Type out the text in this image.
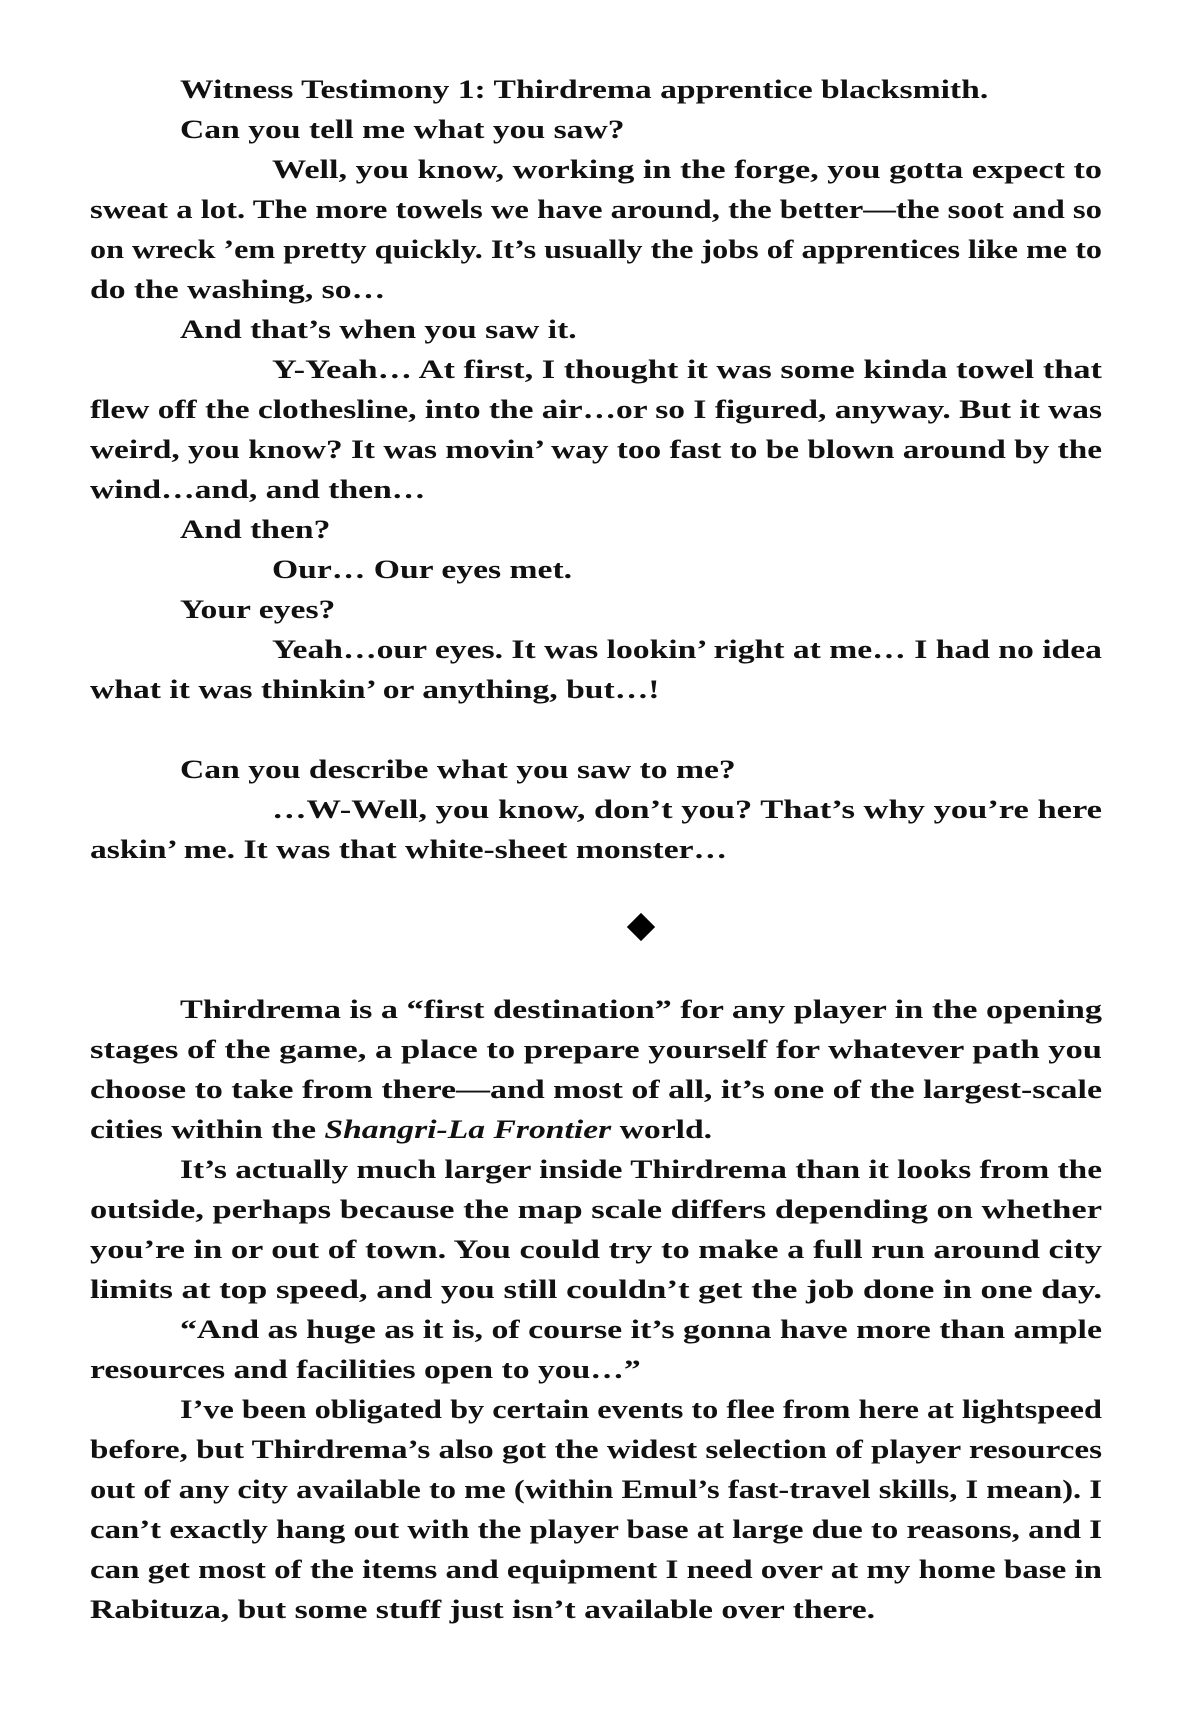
Witness Testimony 1: Thirdrema apprentice blacksmith.
Can you tell me what you saw?
Well, you know, working in the forge, you gotta expect to
sweat a lot. The more towels we have around, the better—the soot and so
on wreck ’em pretty quickly. It’s usually the jobs of apprentices like me to
do the washing, so…
And that’s when you saw it.
Y-Yeah… At first, I thought it was some kinda towel that
flew off the clothesline, into the air…or so I figured, anyway. But it was
weird, you know? It was movin’ way too fast to be blown around by the
wind…and, and then…
And then?
Our… Our eyes met.
Your eyes?
Yeah…our eyes. It was lookin’ right at me… I had no idea
what it was thinkin’ or anything, but…!
Can you describe what you saw to me?
…W-Well, you know, don’t you? That’s why you’re here
askin’ me. It was that white-sheet monster…
Thirdrema is a “first destination” for any player in the opening
stages of the game, a place to prepare yourself for whatever path you
choose to take from there—and most of all, it’s one of the largest-scale
cities within the Shangri-La Frontier world.
It’s actually much larger inside Thirdrema than it looks from the
outside, perhaps because the map scale differs depending on whether
you’re in or out of town. You could try to make a full run around city
limits at top speed, and you still couldn’t get the job done in one day.
“And as huge as it is, of course it’s gonna have more than ample
resources and facilities open to you…”
I’ve been obligated by certain events to flee from here at lightspeed
before, but Thirdrema’s also got the widest selection of player resources
out of any city available to me (within Emul’s fast-travel skills, I mean). I
can’t exactly hang out with the player base at large due to reasons, and I
can get most of the items and equipment I need over at my home base in
Rabituza, but some stuff just isn’t available over there.
